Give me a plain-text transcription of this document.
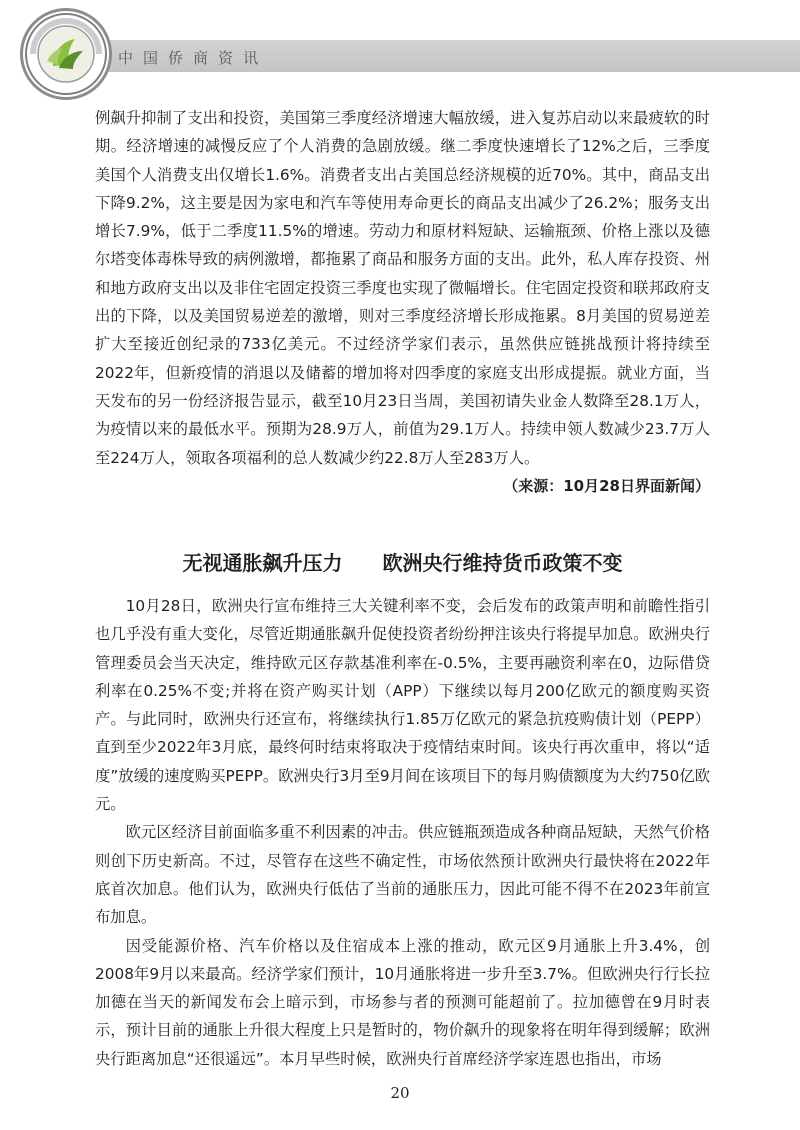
中国侨商资讯

例飙升抑制了支出和投资，美国第三季度经济增速大幅放缓，进入复苏启动以来最疲软的时期。经济增速的减慢反应了个人消费的急剧放缓。继二季度快速增长了12%之后，三季度美国个人消费支出仅增长1.6%。消费者支出占美国总经济规模的近70%。其中，商品支出下降9.2%，这主要是因为家电和汽车等使用寿命更长的商品支出减少了26.2%；服务支出增长7.9%，低于二季度11.5%的增速。劳动力和原材料短缺、运输瓶颈、价格上涨以及德尔塔变体毒株导致的病例激增，都拖累了商品和服务方面的支出。此外，私人库存投资、州和地方政府支出以及非住宅固定投资三季度也实现了微幅增长。住宅固定投资和联邦政府支出的下降，以及美国贸易逆差的激增，则对三季度经济增长形成拖累。8月美国的贸易逆差扩大至接近创纪录的733亿美元。不过经济学家们表示，虽然供应链挑战预计将持续至2022年，但新疫情的消退以及储蓄的增加将对四季度的家庭支出形成提振。就业方面，当天发布的另一份经济报告显示，截至10月23日当周，美国初请失业金人数降至28.1万人，为疫情以来的最低水平。预期为28.9万人，前值为29.1万人。持续申领人数减少23.7万人至224万人，领取各项福利的总人数减少约22.8万人至283万人。

（来源：10月28日界面新闻）

无视通胀飙升压力　　欧洲央行维持货币政策不变

10月28日，欧洲央行宣布维持三大关键利率不变，会后发布的政策声明和前瞻性指引也几乎没有重大变化，尽管近期通胀飙升促使投资者纷纷押注该央行将提早加息。欧洲央行管理委员会当天决定，维持欧元区存款基准利率在-0.5%，主要再融资利率在0，边际借贷利率在0.25%不变;并将在资产购买计划（APP）下继续以每月200亿欧元的额度购买资产。与此同时，欧洲央行还宣布，将继续执行1.85万亿欧元的紧急抗疫购债计划（PEPP）直到至少2022年3月底，最终何时结束将取决于疫情结束时间。该央行再次重申，将以“适度”放缓的速度购买PEPP。欧洲央行3月至9月间在该项目下的每月购债额度为大约750亿欧元。

欧元区经济目前面临多重不利因素的冲击。供应链瓶颈造成各种商品短缺，天然气价格则创下历史新高。不过，尽管存在这些不确定性，市场依然预计欧洲央行最快将在2022年底首次加息。他们认为，欧洲央行低估了当前的通胀压力，因此可能不得不在2023年前宣布加息。

因受能源价格、汽车价格以及住宿成本上涨的推动，欧元区9月通胀上升3.4%，创2008年9月以来最高。经济学家们预计，10月通胀将进一步升至3.7%。但欧洲央行行长拉加德在当天的新闻发布会上暗示到，市场参与者的预测可能超前了。拉加德曾在9月时表示，预计目前的通胀上升很大程度上只是暂时的，物价飙升的现象将在明年得到缓解；欧洲央行距离加息“还很遥远”。本月早些时候，欧洲央行首席经济学家连恩也指出，市场

20
